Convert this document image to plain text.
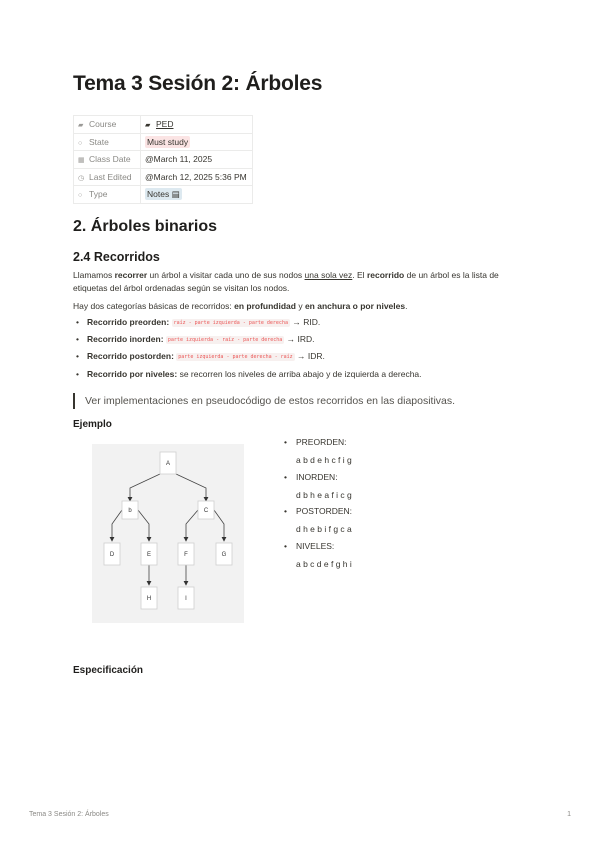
Tema 3 Sesión 2: Árboles
▰ Course	▰ PED
○ State	Must study
▦ Class Date	@March 11, 2025
◷ Last Edited	@March 12, 2025 5:36 PM
○ Type	Notes ▤
2. Árboles binarios
2.4 Recorridos

Llamamos recorrer un árbol a visitar cada uno de sus nodos una sola vez. El recorrido de un árbol es la lista de etiquetas del árbol ordenadas según se visitan los nodos.

Hay dos categorías básicas de recorridos: en profundidad y en anchura o por niveles.

• Recorrido preorden: raíz - parte izquierda - parte derecha → RID.
• Recorrido inorden: parte izquierda - raíz - parte derecha → IRD.
• Recorrido postorden: parte izquierda - parte derecha - raíz → IDR.
• Recorrido por niveles: se recorren los niveles de arriba abajo y de izquierda a derecha.
Ver implementaciones en pseudocódigo de estos recorridos en las diapositivas.
Ejemplo
A
b	C
D	E	F	G
H	I
• PREORDEN:
a b d e h c f i g
• INORDEN:
d b h e a f i c g
• POSTORDEN:
d h e b i f g c a
• NIVELES:
a b c d e f g h i
Especificación
Tema 3 Sesión 2: Árboles	1
